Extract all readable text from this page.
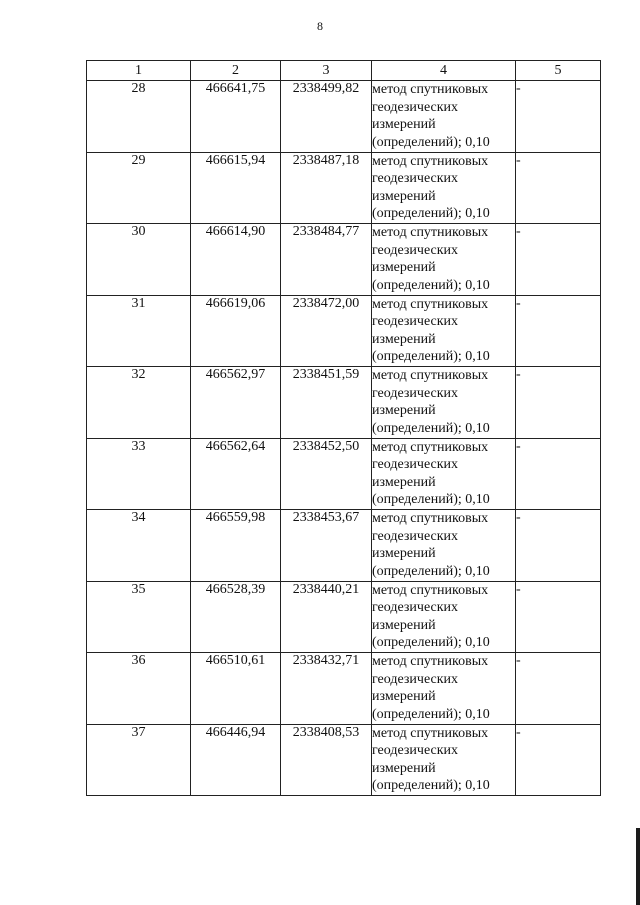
8
1	2	3	4	5
28	466641,75	2338499,82	метод спутниковых геодезических измерений (определений); 0,10	-
29	466615,94	2338487,18	метод спутниковых геодезических измерений (определений); 0,10	-
30	466614,90	2338484,77	метод спутниковых геодезических измерений (определений); 0,10	-
31	466619,06	2338472,00	метод спутниковых геодезических измерений (определений); 0,10	-
32	466562,97	2338451,59	метод спутниковых геодезических измерений (определений); 0,10	-
33	466562,64	2338452,50	метод спутниковых геодезических измерений (определений); 0,10	-
34	466559,98	2338453,67	метод спутниковых геодезических измерений (определений); 0,10	-
35	466528,39	2338440,21	метод спутниковых геодезических измерений (определений); 0,10	-
36	466510,61	2338432,71	метод спутниковых геодезических измерений (определений); 0,10	-
37	466446,94	2338408,53	метод спутниковых геодезических измерений (определений); 0,10	-
